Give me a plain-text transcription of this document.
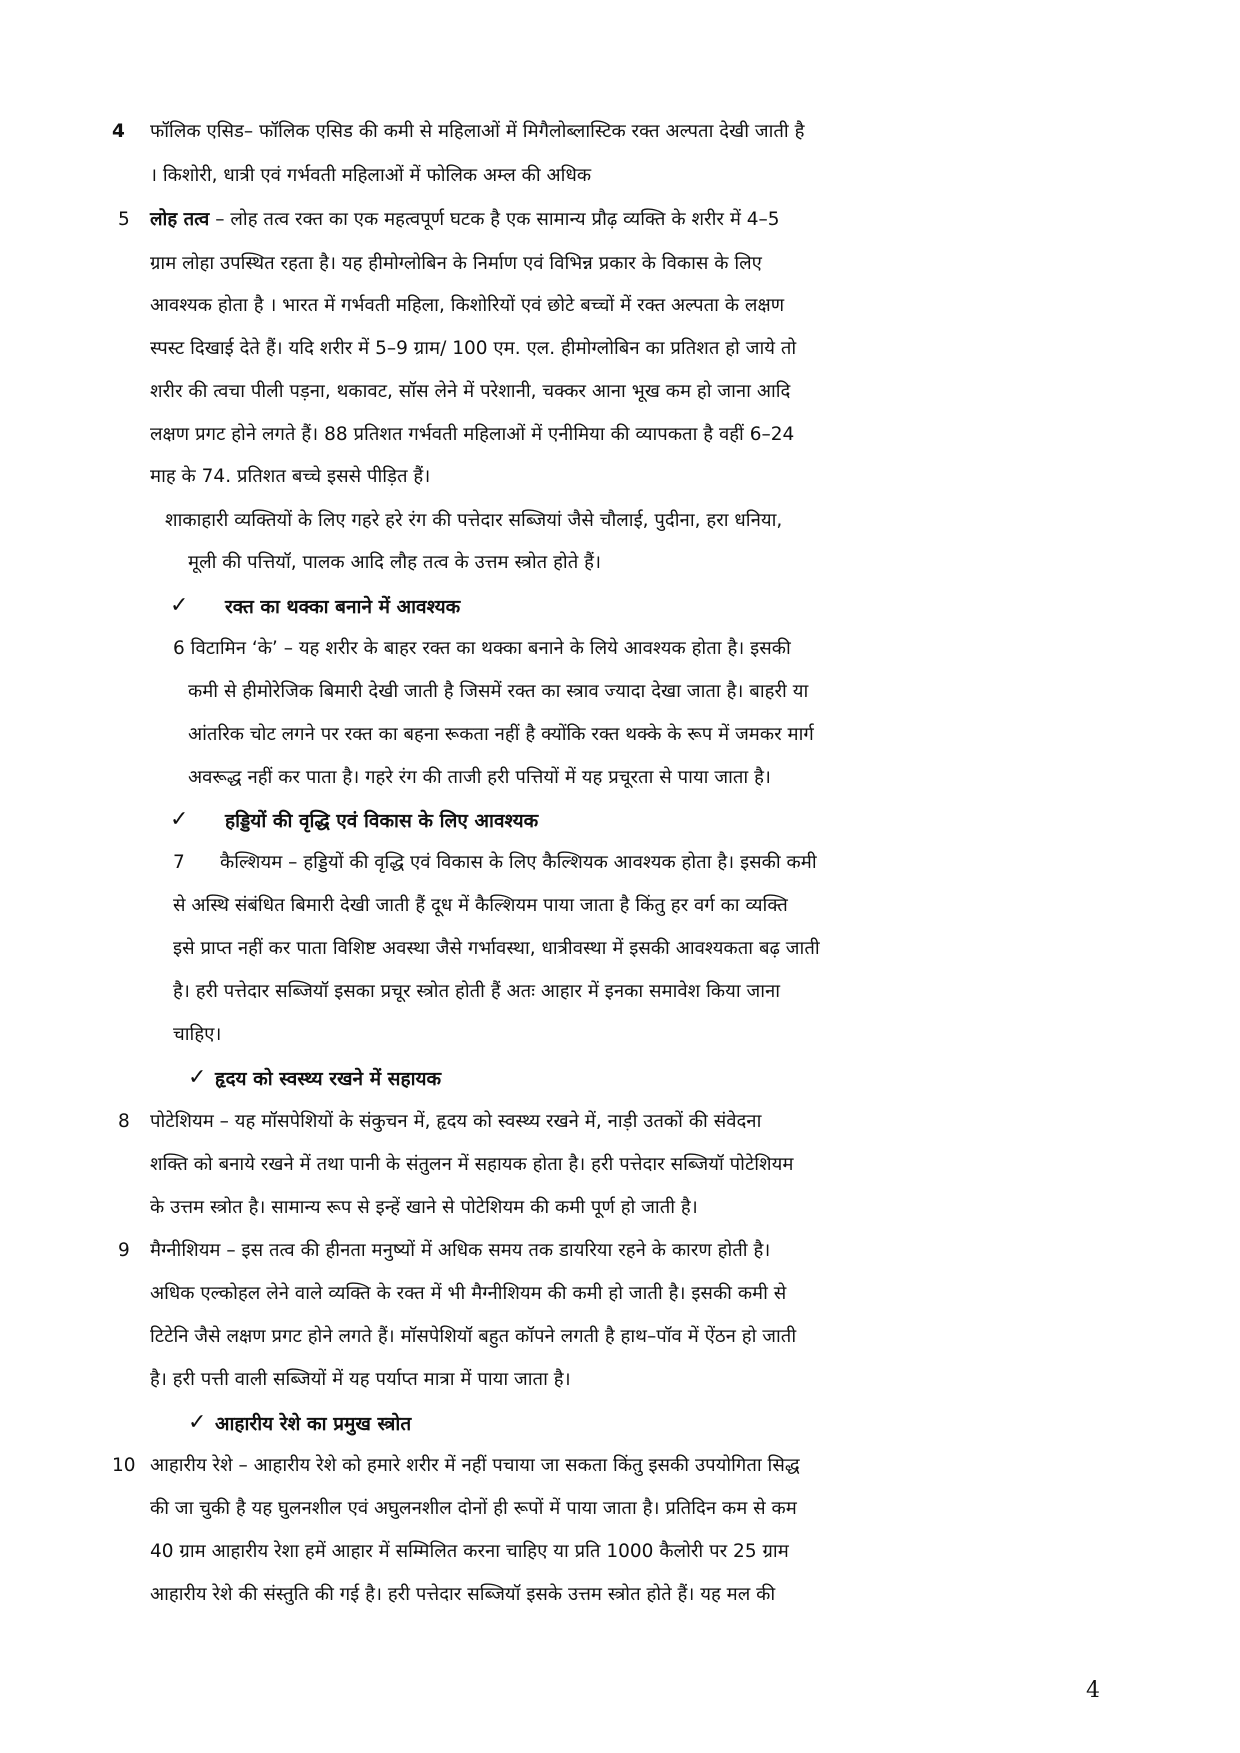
4 फॉलिक एसिड– फॉलिक एसिड की कमी से महिलाओं में मिगैलोब्लास्टिक रक्त अल्पता देखी जाती है
। किशोरी, धात्री एवं गर्भवती महिलाओं में फोलिक अम्ल की अधिक
5 लोह तत्व – लोह तत्व रक्त का एक महत्वपूर्ण घटक है एक सामान्य प्रौढ़ व्यक्ति के शरीर में 4–5
ग्राम लोहा उपस्थित रहता है। यह हीमोग्लोबिन के निर्माण एवं विभिन्न प्रकार के विकास के लिए
आवश्यक होता है । भारत में गर्भवती महिला, किशोरियों एवं छोटे बच्चों में रक्त अल्पता के लक्षण
स्पस्ट दिखाई देते हैं। यदि शरीर में 5–9 ग्राम/ 100 एम. एल. हीमोग्लोबिन का प्रतिशत हो जाये तो
शरीर की त्वचा पीली पड़ना, थकावट, सॉस लेने में परेशानी, चक्कर आना भूख कम हो जाना आदि
लक्षण प्रगट होने लगते हैं। 88 प्रतिशत गर्भवती महिलाओं में एनीमिया की व्यापकता है वहीं 6–24
माह के 74. प्रतिशत बच्चे इससे पीड़ित हैं।
शाकाहारी व्यक्तियों के लिए गहरे हरे रंग की पत्तेदार सब्जियां जैसे चौलाई, पुदीना, हरा धनिया,
मूली की पत्तियॉ, पालक आदि लौह तत्व के उत्तम स्त्रोत होते हैं।
✓ रक्त का थक्का बनाने में आवश्यक
6 विटामिन ‘के’ – यह शरीर के बाहर रक्त का थक्का बनाने के लिये आवश्यक होता है। इसकी
कमी से हीमोरेजिक बिमारी देखी जाती है जिसमें रक्त का स्त्राव ज्यादा देखा जाता है। बाहरी या
आंतरिक चोट लगने पर रक्त का बहना रूकता नहीं है क्योंकि रक्त थक्के के रूप में जमकर मार्ग
अवरूद्ध नहीं कर पाता है। गहरे रंग की ताजी हरी पत्तियों में यह प्रचूरता से पाया जाता है।
✓ हड्डियों की वृद्धि एवं विकास के लिए आवश्यक
7      कैल्शियम – हड्डियों की वृद्धि एवं विकास के लिए कैल्शियक आवश्यक होता है। इसकी कमी
से अस्थि संबंधित बिमारी देखी जाती हैं दूध में कैल्शियम पाया जाता है किंतु हर वर्ग का व्यक्ति
इसे प्राप्त नहीं कर पाता विशिष्ट अवस्था जैसे गर्भावस्था, धात्रीवस्था में इसकी आवश्यकता बढ़ जाती
है। हरी पत्तेदार सब्जियॉ इसका प्रचूर स्त्रोत होती हैं अतः आहार में इनका समावेश किया जाना
चाहिए।
✓ हृदय को स्वस्थ्य रखने में सहायक
8 पोटेशियम – यह मॉसपेशियों के संकुचन में, हृदय को स्वस्थ्य रखने में, नाड़ी उतकों की संवेदना
शक्ति को बनाये रखने में तथा पानी के संतुलन में सहायक होता है। हरी पत्तेदार सब्जियॉ पोटेशियम
के उत्तम स्त्रोत है। सामान्य रूप से इन्हें खाने से पोटेशियम की कमी पूर्ण हो जाती है।
9 मैग्नीशियम – इस तत्व की हीनता मनुष्यों में अधिक समय तक डायरिया रहने के कारण होती है।
अधिक एल्कोहल लेने वाले व्यक्ति के रक्त में भी मैग्नीशियम की कमी हो जाती है। इसकी कमी से
टिटेनि जैसे लक्षण प्रगट होने लगते हैं। मॉसपेशियॉ बहुत कॉपने लगती है हाथ–पॉव में ऐंठन हो जाती
है। हरी पत्ती वाली सब्जियों में यह पर्याप्त मात्रा में पाया जाता है।
✓ आहारीय रेशे का प्रमुख स्त्रोत
10 आहारीय रेशे – आहारीय रेशे को हमारे शरीर में नहीं पचाया जा सकता किंतु इसकी उपयोगिता सिद्ध
की जा चुकी है यह घुलनशील एवं अघुलनशील दोनों ही रूपों में पाया जाता है। प्रतिदिन कम से कम
40 ग्राम आहारीय रेशा हमें आहार में सम्मिलित करना चाहिए या प्रति 1000 कैलोरी पर 25 ग्राम
आहारीय रेशे की संस्तुति की गई है। हरी पत्तेदार सब्जियॉ इसके उत्तम स्त्रोत होते हैं। यह मल की
4
